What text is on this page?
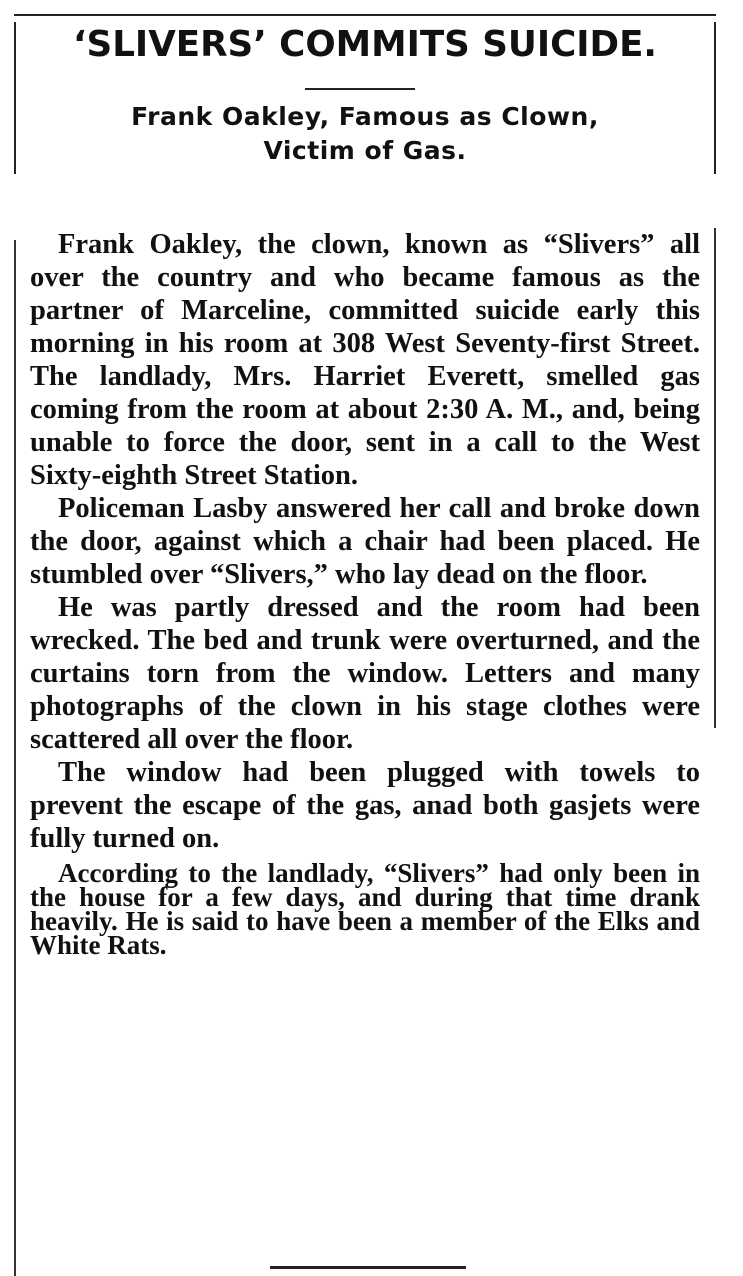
‘SLIVERS’ COMMITS SUICIDE.
Frank Oakley, Famous as Clown,
Victim of Gas.

Frank Oakley, the clown, known as “Slivers” all over the country and who became famous as the partner of Marceline, committed suicide early this morning in his room at 308 West Seventy-first Street. The landlady, Mrs. Harriet Everett, smelled gas coming from the room at about 2:30 A. M., and, being unable to force the door, sent in a call to the West Sixty-eighth Street Station.

Policeman Lasby answered her call and broke down the door, against which a chair had been placed. He stumbled over “Slivers,” who lay dead on the floor.

He was partly dressed and the room had been wrecked. The bed and trunk were overturned, and the curtains torn from the window. Letters and many photographs of the clown in his stage clothes were scattered all over the floor.

The window had been plugged with towels to prevent the escape of the gas, anad both gasjets were fully turned on.

According to the landlady, “Slivers” had only been in the house for a few days, and during that time drank heavily. He is said to have been a member of the Elks and White Rats.
